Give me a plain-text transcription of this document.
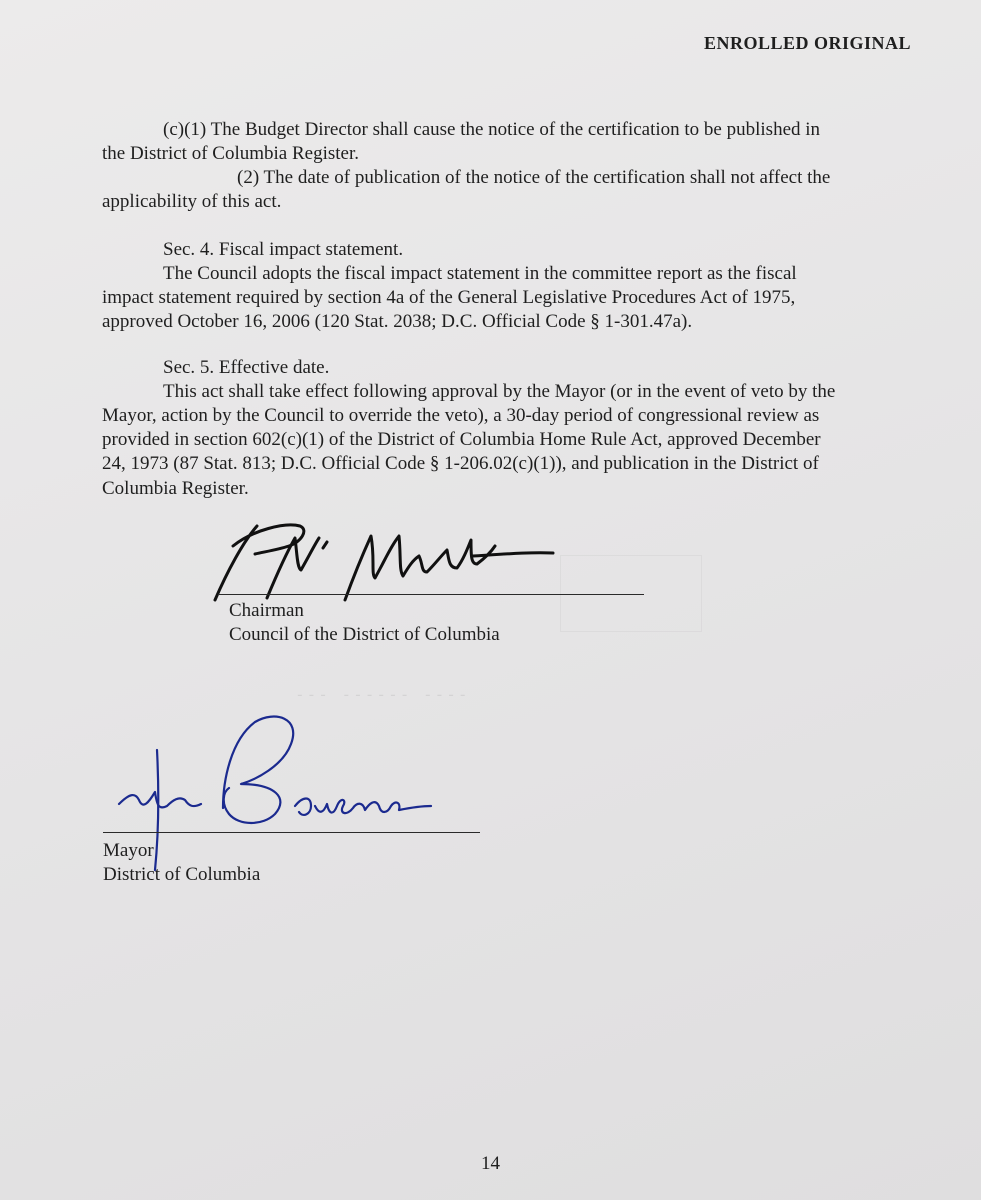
ENROLLED ORIGINAL
(c)(1) The Budget Director shall cause the notice of the certification to be published in
the District of Columbia Register.
(2) The date of publication of the notice of the certification shall not affect the
applicability of this act.
Sec. 4. Fiscal impact statement.
The Council adopts the fiscal impact statement in the committee report as the fiscal
impact statement required by section 4a of the General Legislative Procedures Act of 1975,
approved October 16, 2006 (120 Stat. 2038; D.C. Official Code § 1-301.47a).
Sec. 5. Effective date.
This act shall take effect following approval by the Mayor (or in the event of veto by the
Mayor, action by the Council to override the veto), a 30-day period of congressional review as
provided in section 602(c)(1) of the District of Columbia Home Rule Act, approved December
24, 1973 (87 Stat. 813; D.C. Official Code § 1-206.02(c)(1)), and publication in the District of
Columbia Register.
--- ------ ----
Chairman
Council of the District of Columbia
Mayor
District of Columbia
14
